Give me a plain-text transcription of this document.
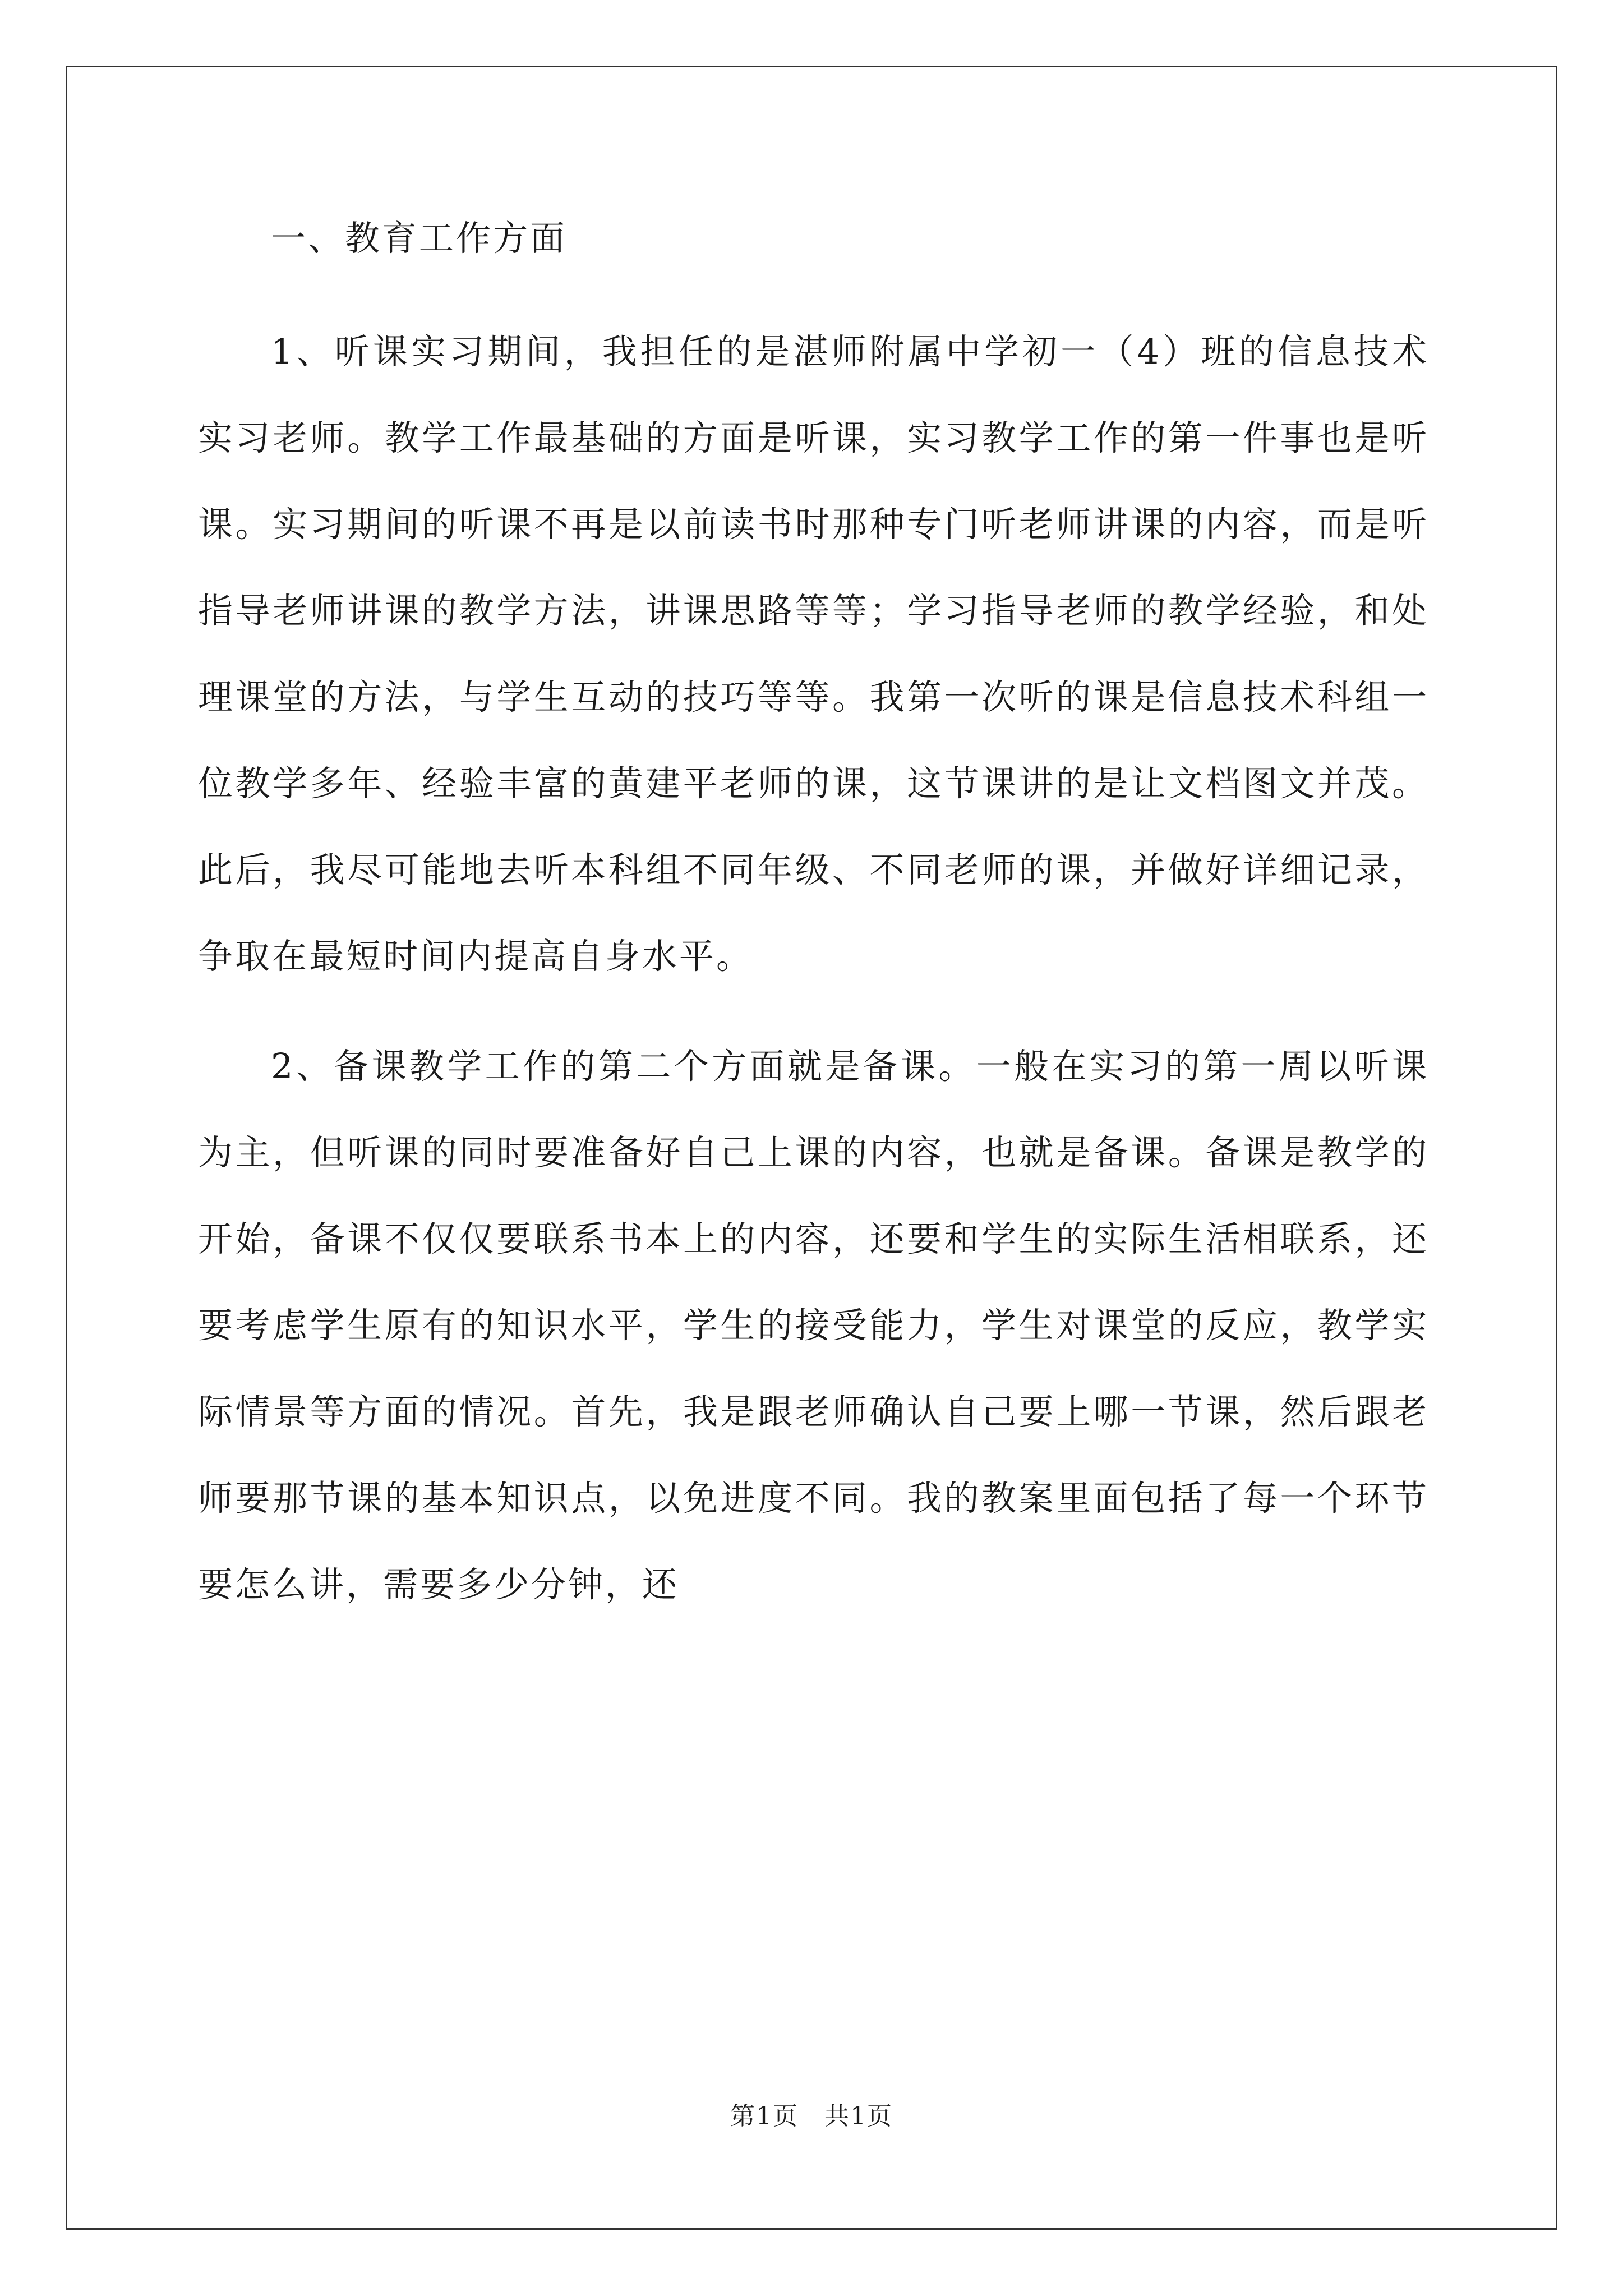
一、教育工作方面

1、听课实习期间，我担任的是湛师附属中学初一（4）班的信息技术实习老师。教学工作最基础的方面是听课，实习教学工作的第一件事也是听课。实习期间的听课不再是以前读书时那种专门听老师讲课的内容，而是听指导老师讲课的教学方法，讲课思路等等；学习指导老师的教学经验，和处理课堂的方法，与学生互动的技巧等等。我第一次听的课是信息技术科组一位教学多年、经验丰富的黄建平老师的课，这节课讲的是让文档图文并茂。此后，我尽可能地去听本科组不同年级、不同老师的课，并做好详细记录，争取在最短时间内提高自身水平。

2、备课教学工作的第二个方面就是备课。一般在实习的第一周以听课为主，但听课的同时要准备好自己上课的内容，也就是备课。备课是教学的开始，备课不仅仅要联系书本上的内容，还要和学生的实际生活相联系，还要考虑学生原有的知识水平，学生的接受能力，学生对课堂的反应，教学实际情景等方面的情况。首先，我是跟老师确认自己要上哪一节课，然后跟老师要那节课的基本知识点，以免进度不同。我的教案里面包括了每一个环节要怎么讲，需要多少分钟，还

第1页　共1页
